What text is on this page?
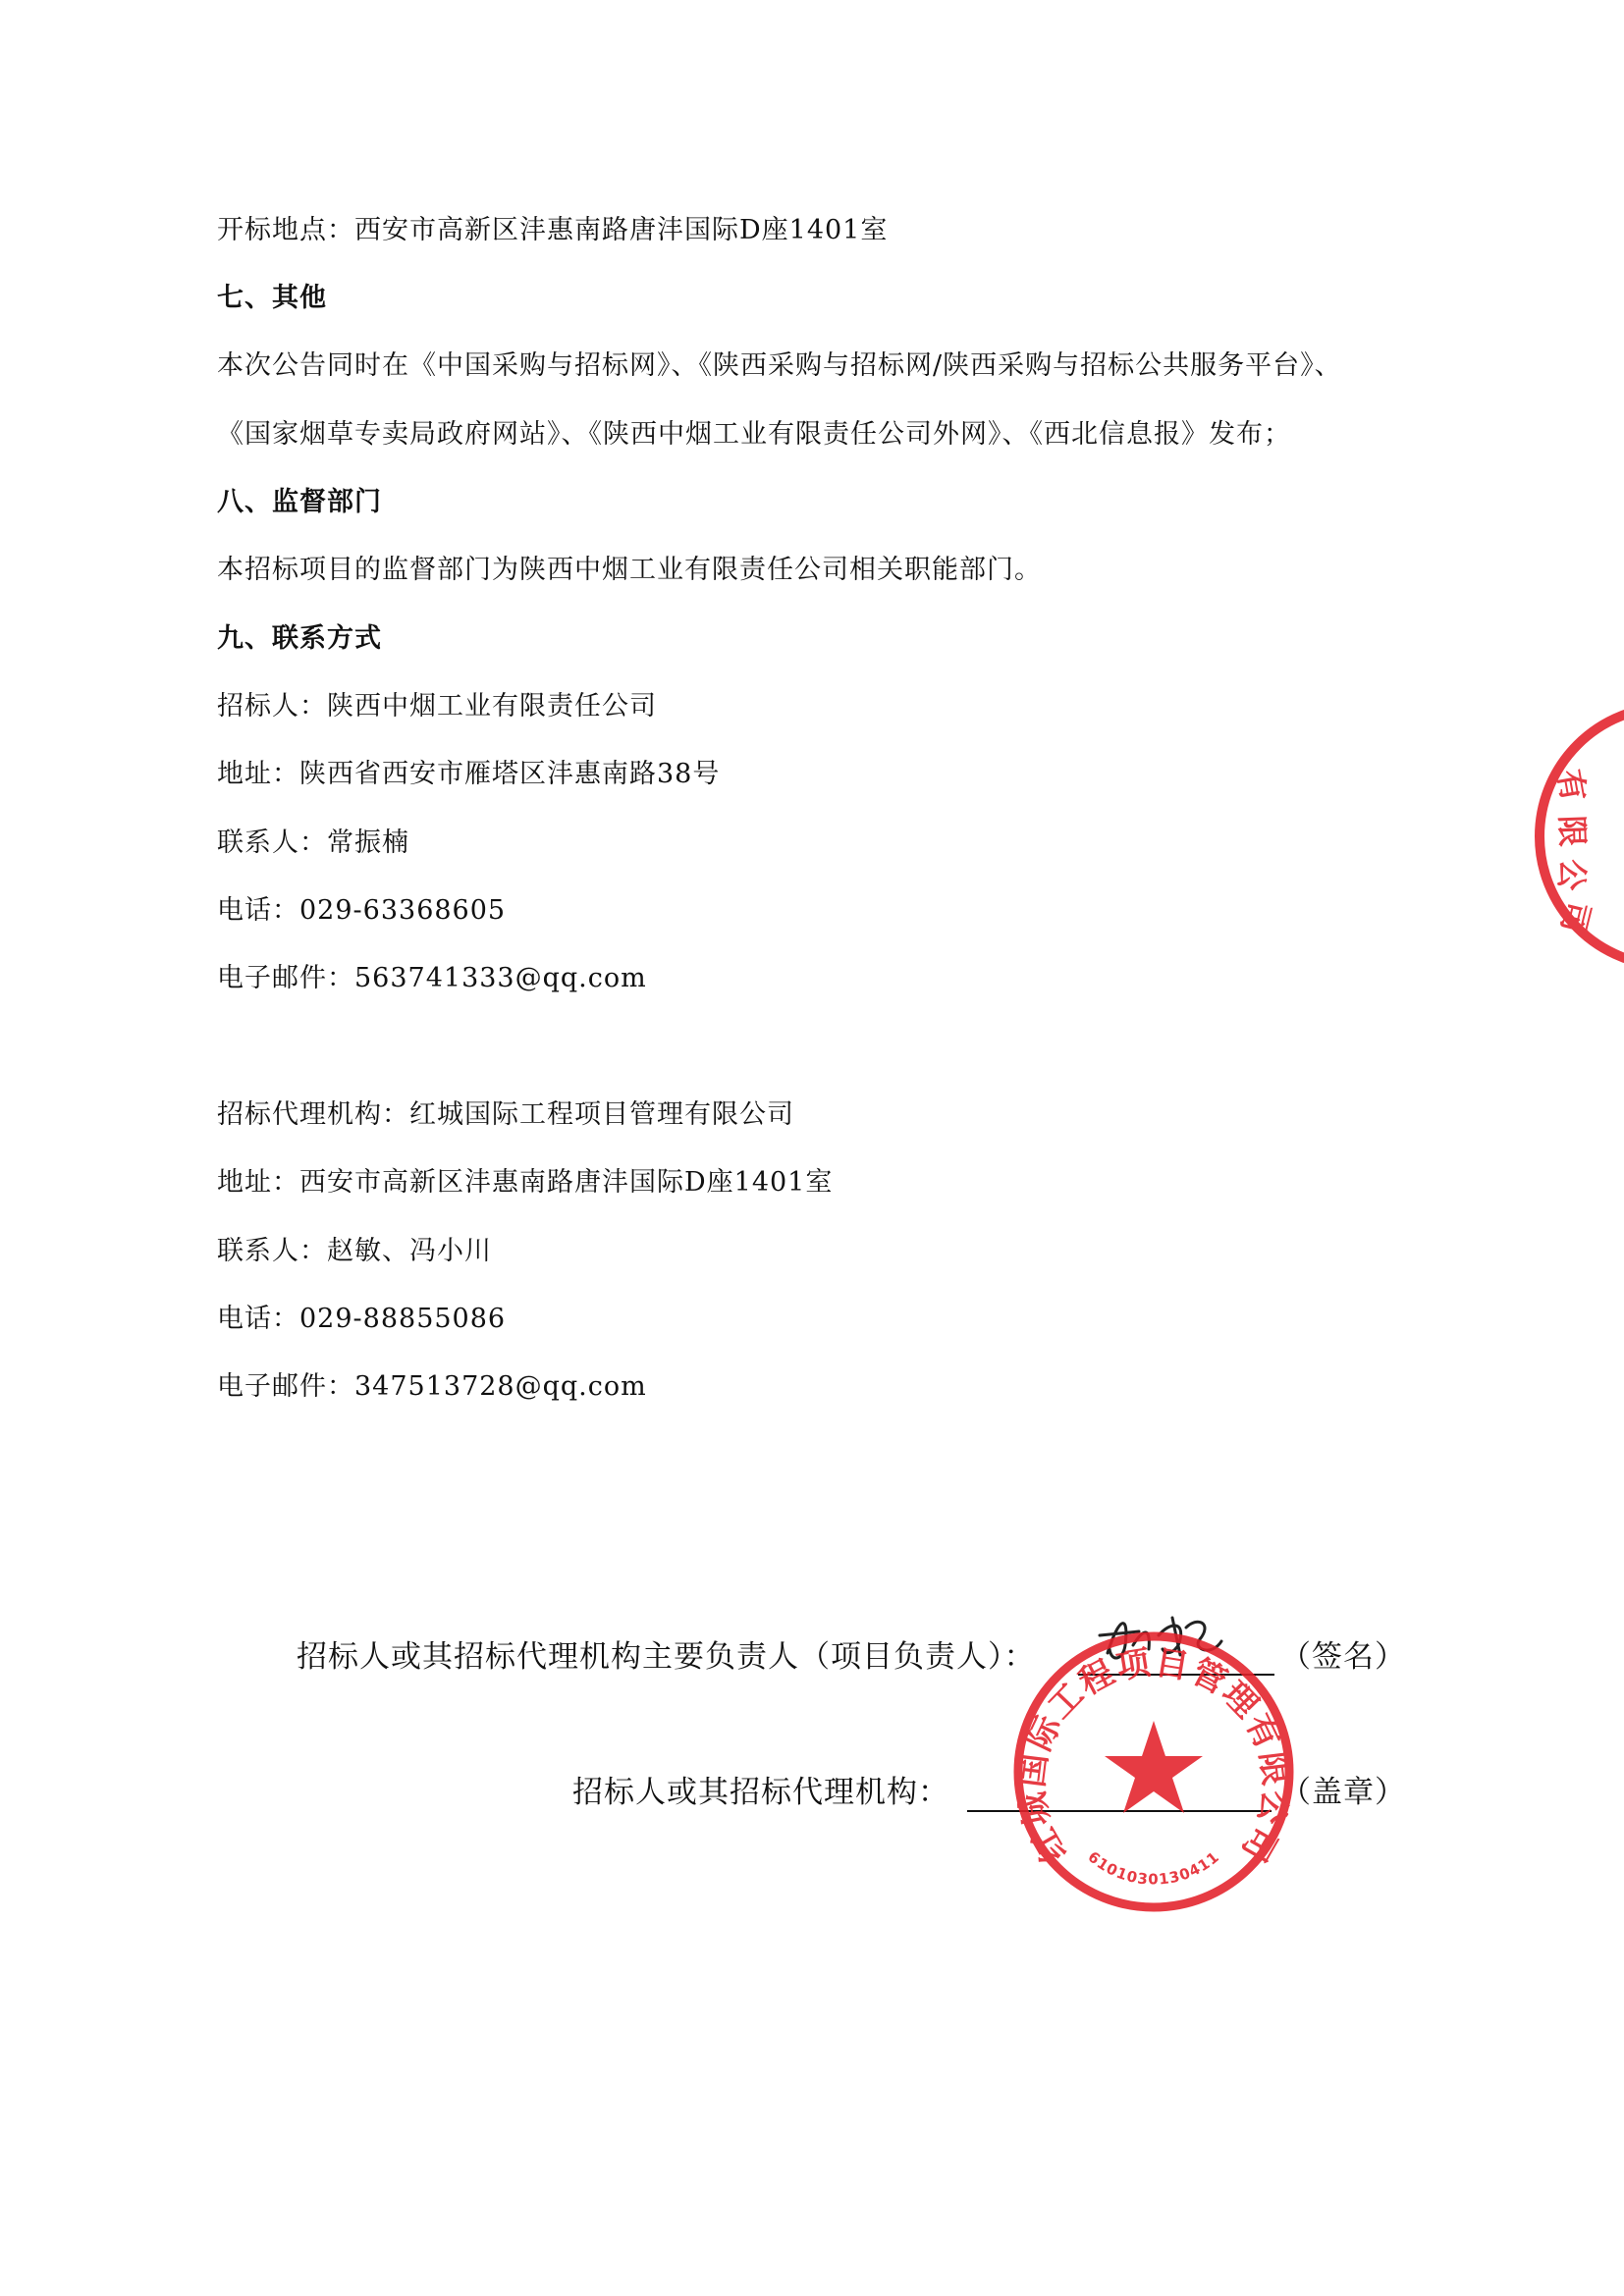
开标地点：西安市高新区沣惠南路唐沣国际D座1401室
七、其他
本次公告同时在《中国采购与招标网》、《陕西采购与招标网/陕西采购与招标公共服务平台》、
《国家烟草专卖局政府网站》、《陕西中烟工业有限责任公司外网》、《西北信息报》发布；
八、监督部门
本招标项目的监督部门为陕西中烟工业有限责任公司相关职能部门。
九、联系方式
招标人：陕西中烟工业有限责任公司
地址：陕西省西安市雁塔区沣惠南路38号
联系人：常振楠
电话：029-63368605
电子邮件：563741333@qq.com
招标代理机构：红城国际工程项目管理有限公司
地址：西安市高新区沣惠南路唐沣国际D座1401室
联系人：赵敏、冯小川
电话：029-88855086
电子邮件：347513728@qq.com
招标人或其招标代理机构主要负责人（项目负责人）：	（签名）
招标人或其招标代理机构：	（盖章）
红城国际工程项目管理有限公司
6101030130411
有
限
公
司
